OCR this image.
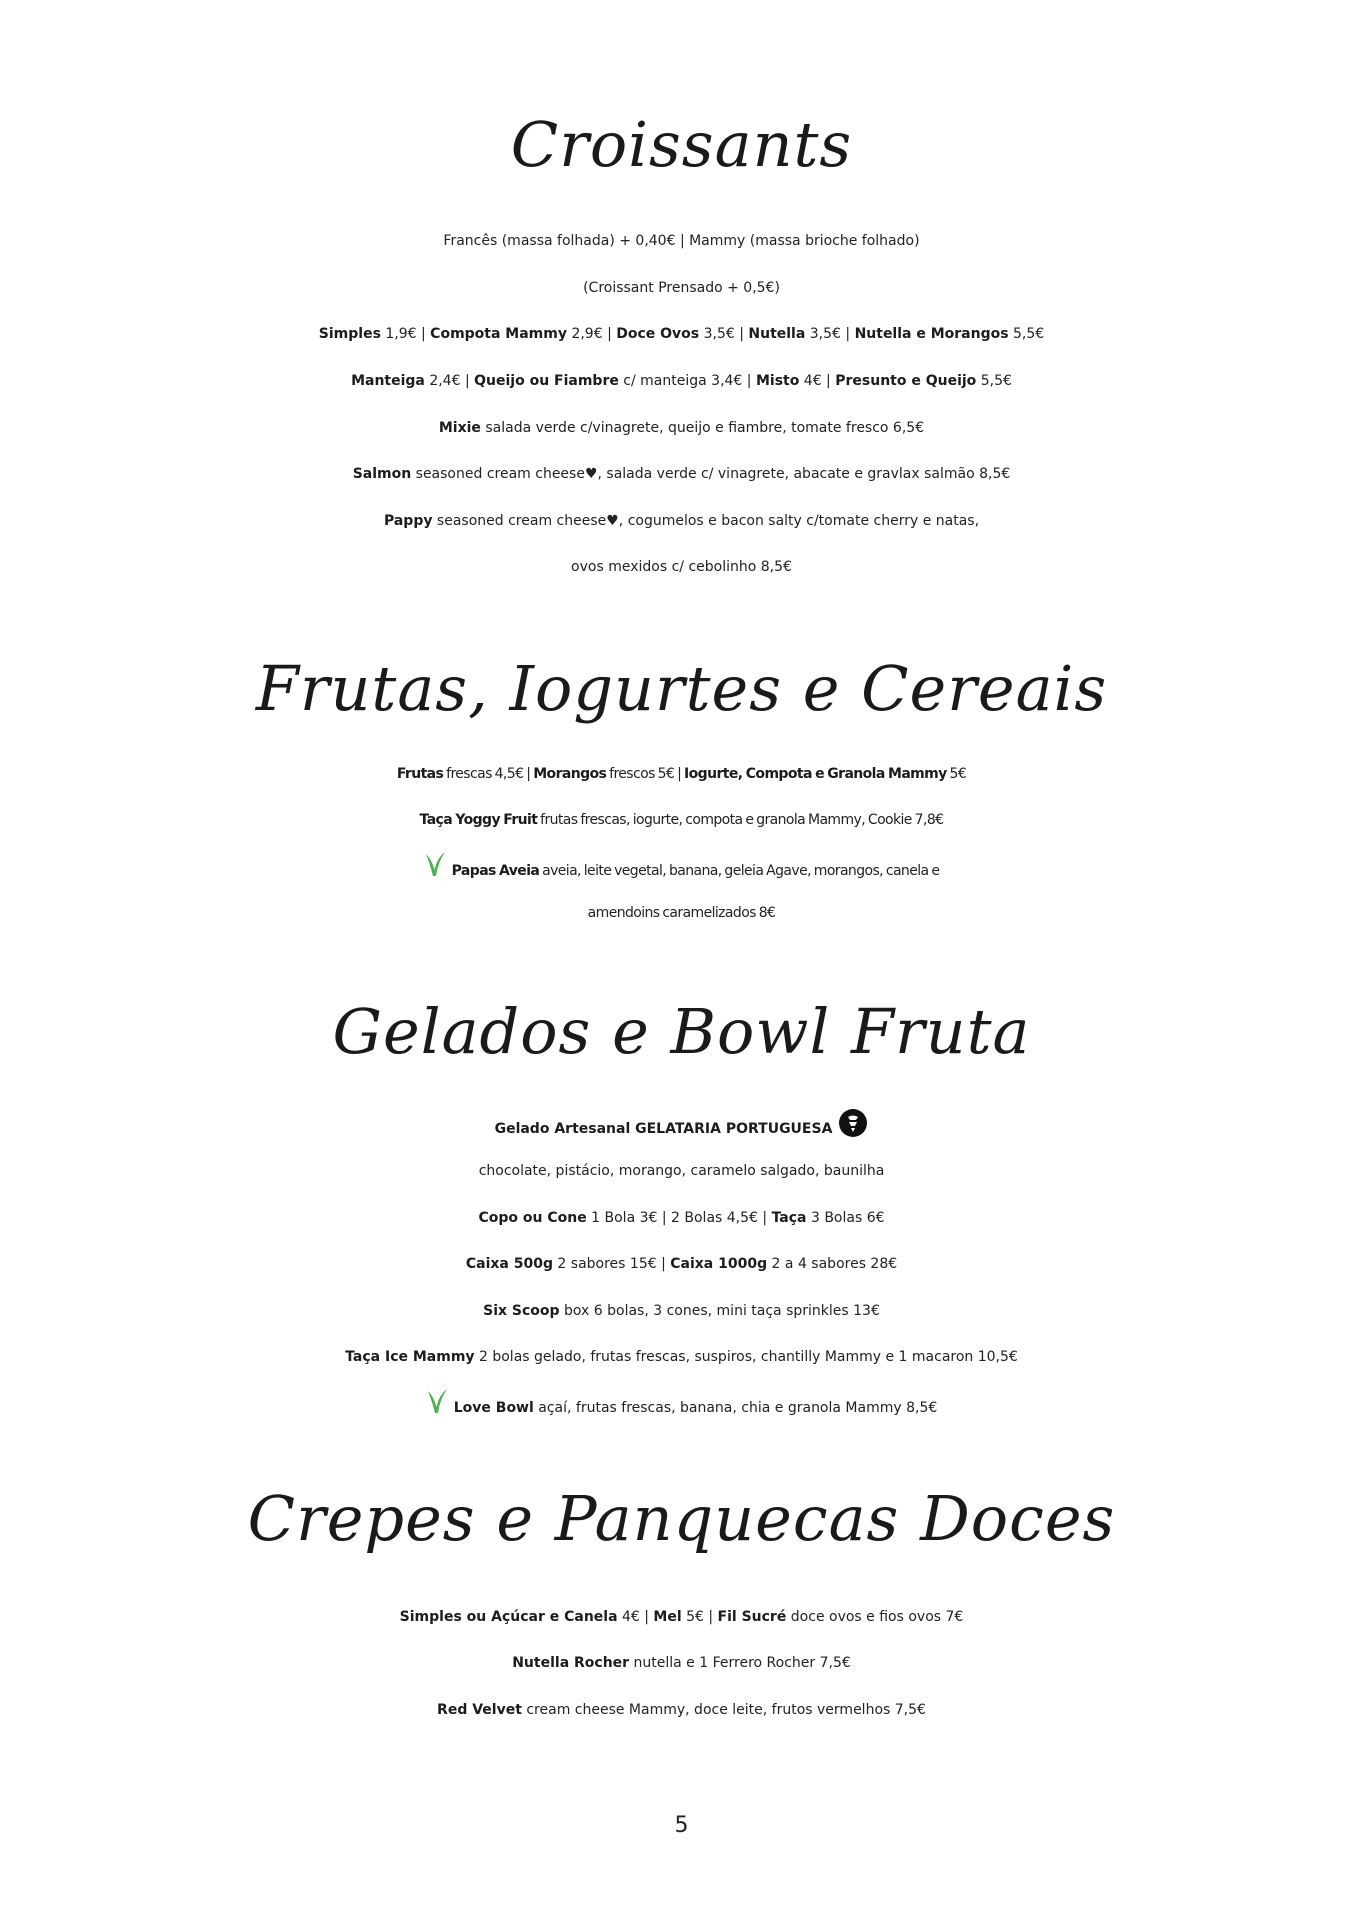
Croissants

Francês (massa folhada) + 0,40€ | Mammy (massa brioche folhado)

(Croissant Prensado + 0,5€)

Simples 1,9€ | Compota Mammy 2,9€ | Doce Ovos 3,5€ | Nutella 3,5€ | Nutella e Morangos 5,5€

Manteiga 2,4€ | Queijo ou Fiambre c/ manteiga 3,4€ | Misto 4€ | Presunto e Queijo 5,5€

Mixie salada verde c/vinagrete, queijo e fiambre, tomate fresco 6,5€

Salmon seasoned cream cheese♥, salada verde c/ vinagrete, abacate e gravlax salmão 8,5€

Pappy seasoned cream cheese♥, cogumelos e bacon salty c/tomate cherry e natas,

ovos mexidos c/ cebolinho 8,5€

Frutas, Iogurtes e Cereais

Frutas frescas 4,5€ | Morangos frescos 5€ | Iogurte, Compota e Granola Mammy 5€

Taça Yoggy Fruit frutas frescas, iogurte, compota e granola Mammy, Cookie 7,8€

Papas Aveia aveia, leite vegetal, banana, geleia Agave, morangos, canela e

amendoins caramelizados 8€

Gelados e Bowl Fruta

Gelado Artesanal GELATARIA PORTUGUESA

chocolate, pistácio, morango, caramelo salgado, baunilha

Copo ou Cone 1 Bola 3€ | 2 Bolas 4,5€ | Taça 3 Bolas 6€

Caixa 500g 2 sabores 15€ | Caixa 1000g 2 a 4 sabores 28€

Six Scoop box 6 bolas, 3 cones, mini taça sprinkles 13€

Taça Ice Mammy 2 bolas gelado, frutas frescas, suspiros, chantilly Mammy e 1 macaron 10,5€

Love Bowl açaí, frutas frescas, banana, chia e granola Mammy 8,5€

Crepes e Panquecas Doces

Simples ou Açúcar e Canela 4€ | Mel 5€ | Fil Sucré doce ovos e fios ovos 7€

Nutella Rocher nutella e 1 Ferrero Rocher 7,5€

Red Velvet cream cheese Mammy, doce leite, frutos vermelhos 7,5€

5
